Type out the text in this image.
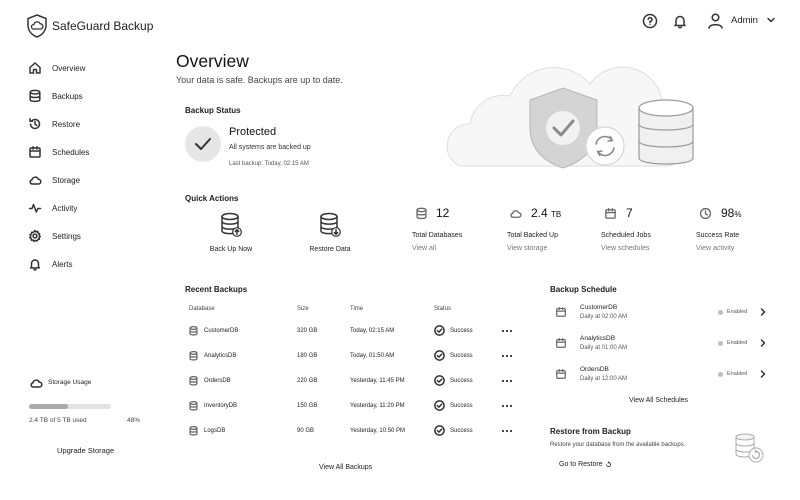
SafeGuard Backup	Admin
Overview
Backups
Restore
Schedules
Storage
Activity
Settings
Alerts
Storage Usage
2.4 TB of 5 TB used	48%
Upgrade Storage
Overview
Your data is safe. Backups are up to date.
Backup Status
Protected
All systems are backed up
Last backup: Today, 02:15 AM
Quick Actions
Back Up Now	Restore Data
12
Total Databases
View all
2.4 TB
Total Backed Up
View storage
7
Scheduled Jobs
View schedules
98%
Success Rate
View activity
Recent Backups
Database	Size	Time	Status
CustomerDB	320 GB	Today, 02:15 AM	Success
AnalyticsDB	180 GB	Today, 01:50 AM	Success
OrdersDB	220 GB	Yesterday, 11:45 PM	Success
InventoryDB	150 GB	Yesterday, 11:20 PM	Success
LogsDB	90 GB	Yesterday, 10:50 PM	Success
View All Backups
Backup Schedule
CustomerDB
Daily at 02:00 AM
Enabled
AnalyticsDB
Daily at 01:00 AM
Enabled
OrdersDB
Daily at 12:00 AM
Enabled
View All Schedules
Restore from Backup
Restore your database from the available backups.
Go to Restore
